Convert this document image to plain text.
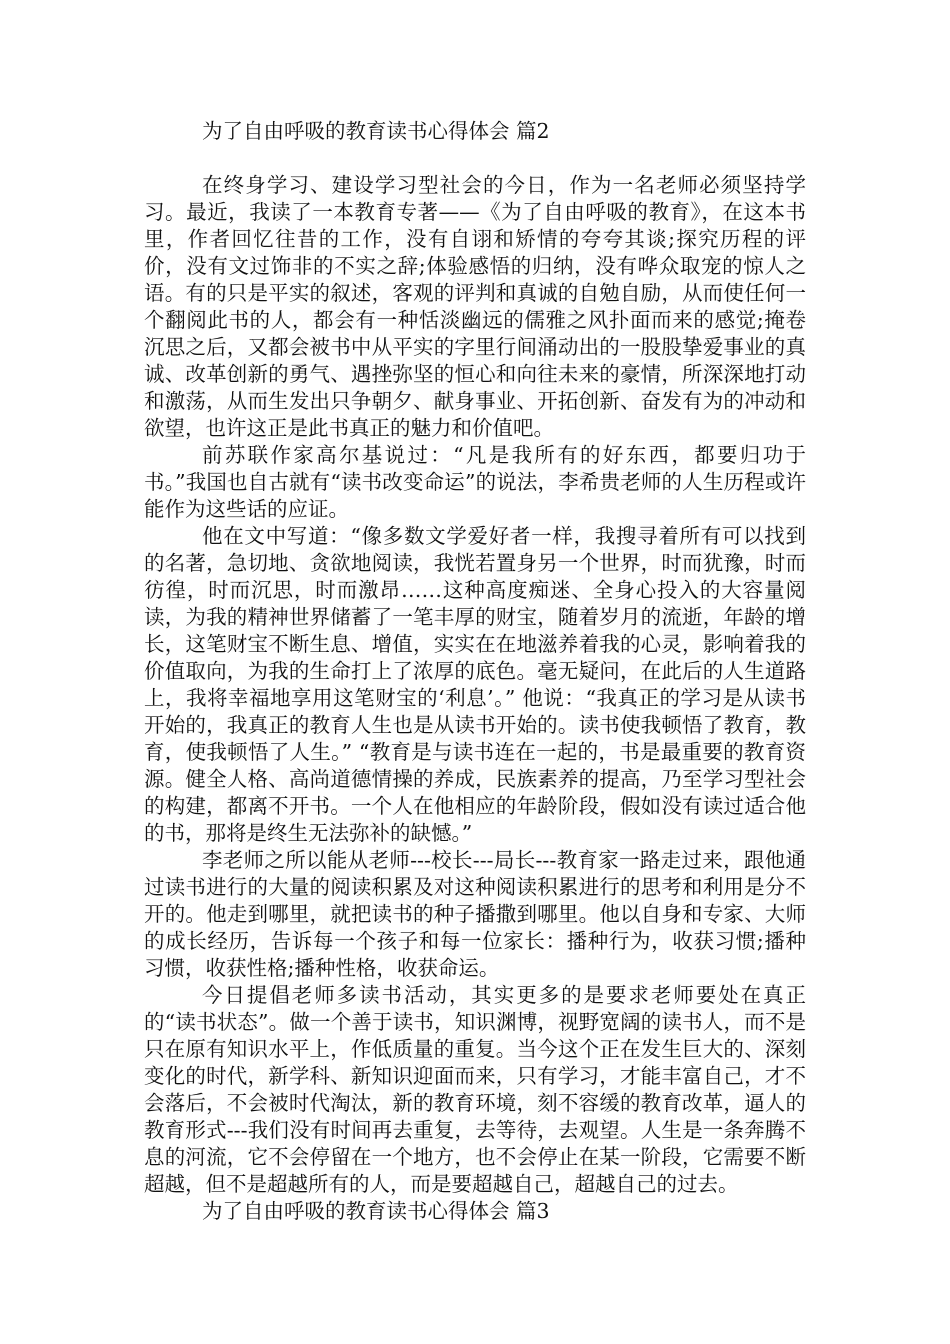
为了自由呼吸的教育读书心得体会 篇2

在终身学习、建设学习型社会的今日，作为一名老师必须坚持学习。最近，我读了一本教育专著——《为了自由呼吸的教育》，在这本书里，作者回忆往昔的工作，没有自诩和矫情的夸夸其谈;探究历程的评价，没有文过饰非的不实之辞;体验感悟的归纳，没有哗众取宠的惊人之语。有的只是平实的叙述，客观的评判和真诚的自勉自励，从而使任何一个翻阅此书的人，都会有一种恬淡幽远的儒雅之风扑面而来的感觉;掩卷沉思之后，又都会被书中从平实的字里行间涌动出的一股股挚爱事业的真诚、改革创新的勇气、遇挫弥坚的恒心和向往未来的豪情，所深深地打动和激荡，从而生发出只争朝夕、献身事业、开拓创新、奋发有为的冲动和欲望，也许这正是此书真正的魅力和价值吧。

前苏联作家高尔基说过：“凡是我所有的好东西，都要归功于书。”我国也自古就有“读书改变命运”的说法，李希贵老师的人生历程或许能作为这些话的应证。

他在文中写道：“像多数文学爱好者一样，我搜寻着所有可以找到的名著，急切地、贪欲地阅读，我恍若置身另一个世界，时而犹豫，时而彷徨，时而沉思，时而激昂……这种高度痴迷、全身心投入的大容量阅读，为我的精神世界储蓄了一笔丰厚的财宝，随着岁月的流逝，年龄的增长，这笔财宝不断生息、增值，实实在在地滋养着我的心灵，影响着我的价值取向，为我的生命打上了浓厚的底色。毫无疑问，在此后的人生道路上，我将幸福地享用这笔财宝的‘利息’。” 他说：“我真正的学习是从读书开始的，我真正的教育人生也是从读书开始的。读书使我顿悟了教育，教育，使我顿悟了人生。” “教育是与读书连在一起的，书是最重要的教育资源。健全人格、高尚道德情操的养成，民族素养的提高，乃至学习型社会的构建，都离不开书。一个人在他相应的年龄阶段，假如没有读过适合他的书，那将是终生无法弥补的缺憾。”

李老师之所以能从老师---校长---局长---教育家一路走过来，跟他通过读书进行的大量的阅读积累及对这种阅读积累进行的思考和利用是分不开的。他走到哪里，就把读书的种子播撒到哪里。他以自身和专家、大师的成长经历，告诉每一个孩子和每一位家长：播种行为，收获习惯;播种习惯，收获性格;播种性格，收获命运。

今日提倡老师多读书活动，其实更多的是要求老师要处在真正的“读书状态”。做一个善于读书，知识渊博，视野宽阔的读书人，而不是只在原有知识水平上，作低质量的重复。当今这个正在发生巨大的、深刻变化的时代，新学科、新知识迎面而来，只有学习，才能丰富自己，才不会落后，不会被时代淘汰，新的教育环境，刻不容缓的教育改革，逼人的教育形式---我们没有时间再去重复，去等待，去观望。人生是一条奔腾不息的河流，它不会停留在一个地方，也不会停止在某一阶段，它需要不断超越，但不是超越所有的人，而是要超越自己，超越自己的过去。

为了自由呼吸的教育读书心得体会 篇3
